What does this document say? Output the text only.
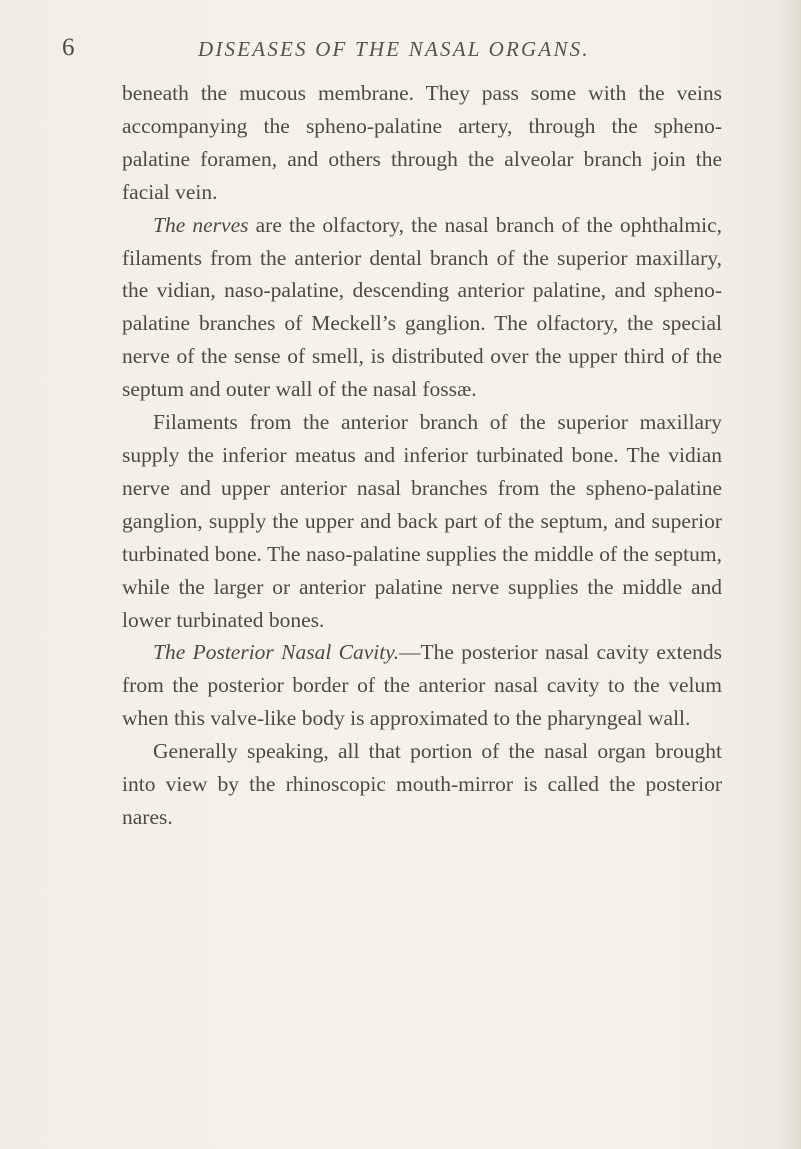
6	DISEASES OF THE NASAL ORGANS.

beneath the mucous membrane. They pass some with the veins accompanying the spheno-palatine artery, through the spheno-palatine foramen, and others through the alveolar branch join the facial vein.

The nerves are the olfactory, the nasal branch of the ophthalmic, filaments from the anterior dental branch of the superior maxillary, the vidian, naso-palatine, descending anterior palatine, and spheno-palatine branches of Meckell’s ganglion. The olfactory, the special nerve of the sense of smell, is distributed over the upper third of the septum and outer wall of the nasal fossæ.

Filaments from the anterior branch of the superior maxillary supply the inferior meatus and inferior turbinated bone. The vidian nerve and upper anterior nasal branches from the spheno-palatine ganglion, supply the upper and back part of the septum, and superior turbinated bone. The naso-palatine supplies the middle of the septum, while the larger or anterior palatine nerve supplies the middle and lower turbinated bones.

The Posterior Nasal Cavity.—The posterior nasal cavity extends from the posterior border of the anterior nasal cavity to the velum when this valve-like body is approximated to the pharyngeal wall.

Generally speaking, all that portion of the nasal organ brought into view by the rhinoscopic mouth-mirror is called the posterior nares.
